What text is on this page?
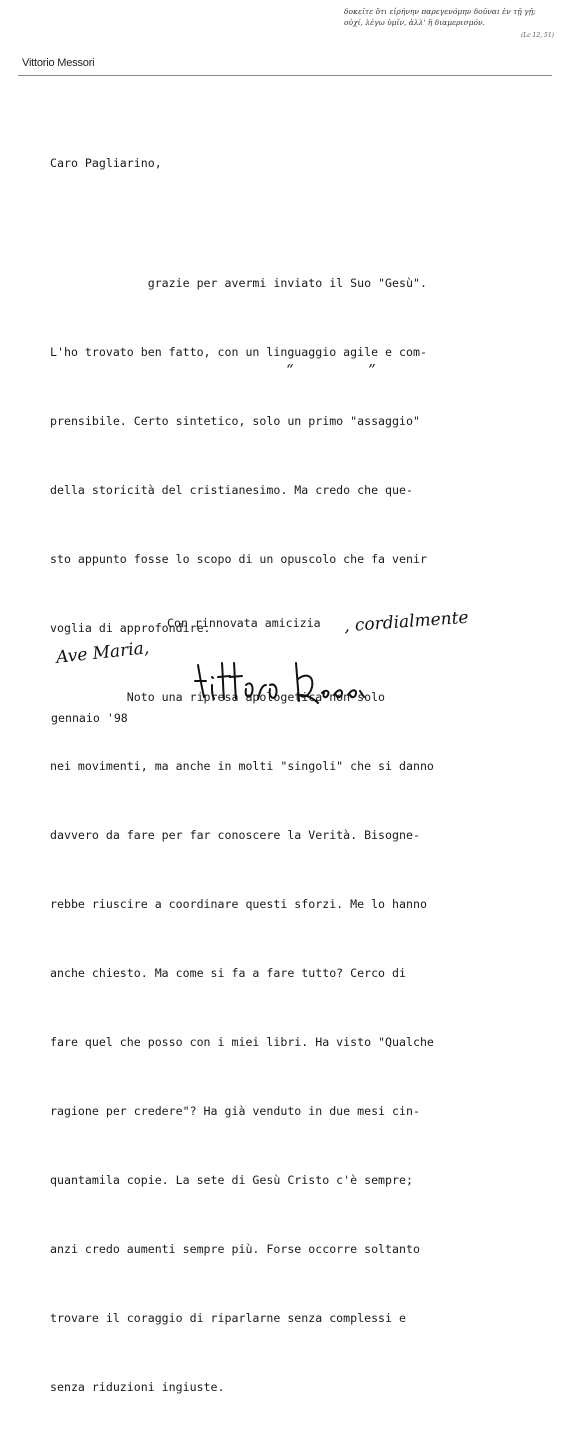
δοκεῖτε ὅτι εἰρήνην παρεγενόμην δοῦναι ἐν τῇ γῇ;
οὐχί, λέγω ὑμῖν, ἀλλ' ἢ διαμερισμόν.
(Lc 12, 51)
Vittorio Messori
Caro Pagliarino,

grazie per avermi inviato il Suo "Gesù".

L'ho trovato ben fatto, con un linguaggio agile e com-

prensibile. Certo sintetico, solo un primo "assaggio"

della storicità del cristianesimo. Ma credo che que-

sto appunto fosse lo scopo di un opuscolo che fa venir

voglia di approfondire.

Noto una ripresa apologetica non solo

nei movimenti, ma anche in molti "singoli" che si danno

davvero da fare per far conoscere la Verità. Bisogne-

rebbe riuscire a coordinare questi sforzi. Me lo hanno

anche chiesto. Ma come si fa a fare tutto? Cerco di

fare quel che posso con i miei libri. Ha visto "Qualche

ragione per credere"? Ha già venduto in due mesi cin-

quantamila copie. La sete di Gesù Cristo c'è sempre;

anzi credo aumenti sempre più. Forse occorre soltanto

trovare il coraggio di riparlarne senza complessi e

senza riduzioni ingiuste.

“	”
Con rinnovata amicizia , cordialmente
Ave Maria,
gennaio '98
